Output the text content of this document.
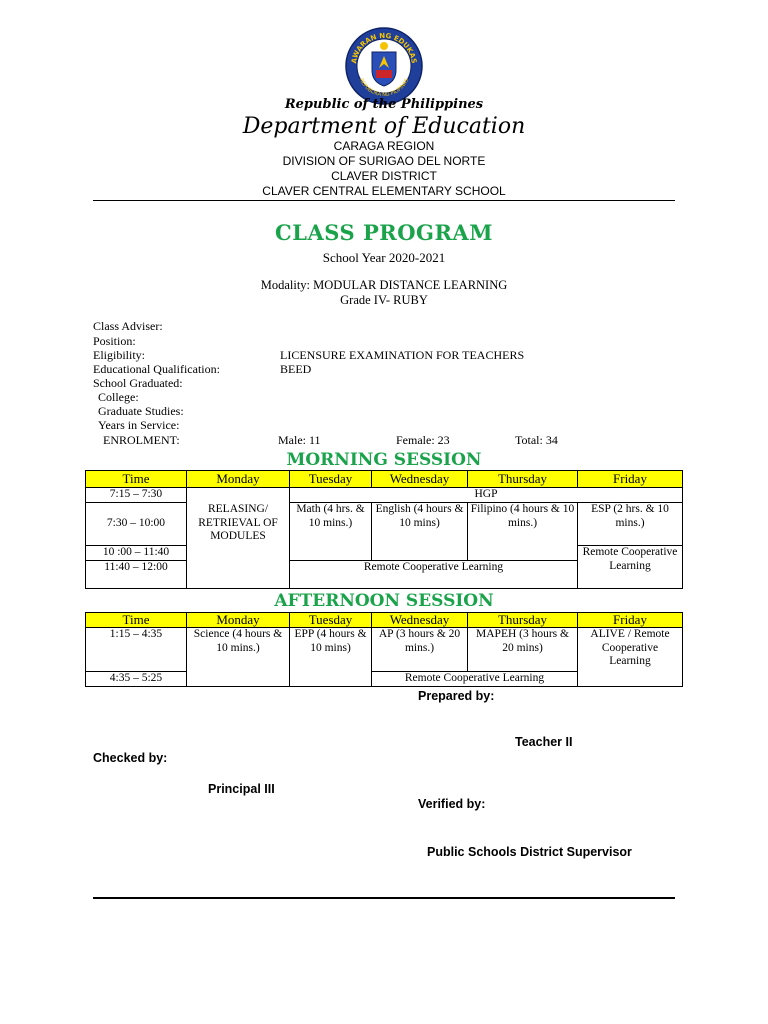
AWARAN NG EDUKAS
REPUBLIKA NG PILIPINAS
Republic of the Philippines
Department of Education
CARAGA REGION
DIVISION OF SURIGAO DEL NORTE
CLAVER DISTRICT
CLAVER CENTRAL ELEMENTARY SCHOOL
CLASS PROGRAM
School Year 2020-2021
Modality: MODULAR DISTANCE LEARNING
Grade IV- RUBY
Class Adviser:
Position:
Eligibility:	LICENSURE EXAMINATION FOR TEACHERS
Educational Qualification:	BEED
School Graduated:
College:
Graduate Studies:
Years in Service:
ENROLMENT:	Male: 11	Female: 23	Total: 34
MORNING SESSION
Time	Monday	Tuesday	Wednesday	Thursday	Friday
7:15 – 7:30	RELASING/ RETRIEVAL OF MODULES	HGP			
7:30 – 10:00		Math (4 hrs. & 10 mins.)	English (4 hours & 10 mins)	Filipino (4 hours & 10 mins.)	ESP (2 hrs. & 10 mins.)
10 :00 – 11:40					Remote Cooperative Learning
11:40 – 12:00		Remote Cooperative Learning			
AFTERNOON SESSION
Time	Monday	Tuesday	Wednesday	Thursday	Friday
1:15 – 4:35	Science (4 hours & 10 mins.)	EPP (4 hours & 10 mins)	AP (3 hours & 20 mins.)	MAPEH (3 hours & 20 mins)	ALIVE / Remote Cooperative Learning
4:35 – 5:25			Remote Cooperative Learning		
Prepared by:
Teacher II
Checked by:
Principal III
Verified by:
Public Schools District Supervisor
